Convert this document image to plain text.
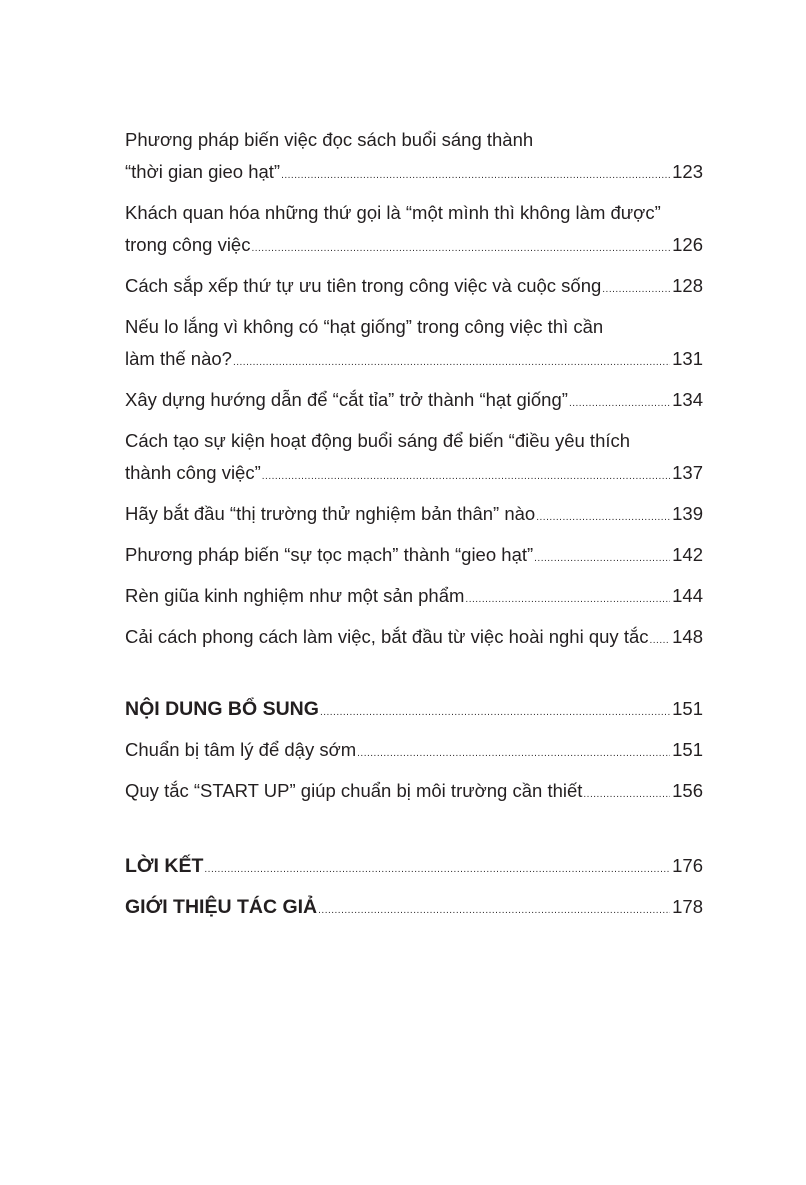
Phương pháp biến việc đọc sách buổi sáng thành
“thời gian gieo hạt” .....	123
Khách quan hóa những thứ gọi là “một mình thì không làm được”
trong công việc .....	126
Cách sắp xếp thứ tự ưu tiên trong công việc và cuộc sống .....	128
Nếu lo lắng vì không có “hạt giống” trong công việc thì cần
làm thế nào? .....	131
Xây dựng hướng dẫn để “cắt tỉa” trở thành “hạt giống” .....	134
Cách tạo sự kiện hoạt động buổi sáng để biến “điều yêu thích
thành công việc” .....	137
Hãy bắt đầu “thị trường thử nghiệm bản thân” nào .....	139
Phương pháp biến “sự tọc mạch” thành “gieo hạt” .....	142
Rèn giũa kinh nghiệm như một sản phẩm .....	144
Cải cách phong cách làm việc, bắt đầu từ việc hoài nghi quy tắc ..... 148
NỘI DUNG BỔ SUNG .....	151
Chuẩn bị tâm lý để dậy sớm .....	151
Quy tắc “START UP” giúp chuẩn bị môi trường cần thiết .....	156
LỜI KẾT .....	176
GIỚI THIỆU TÁC GIẢ .....	178
